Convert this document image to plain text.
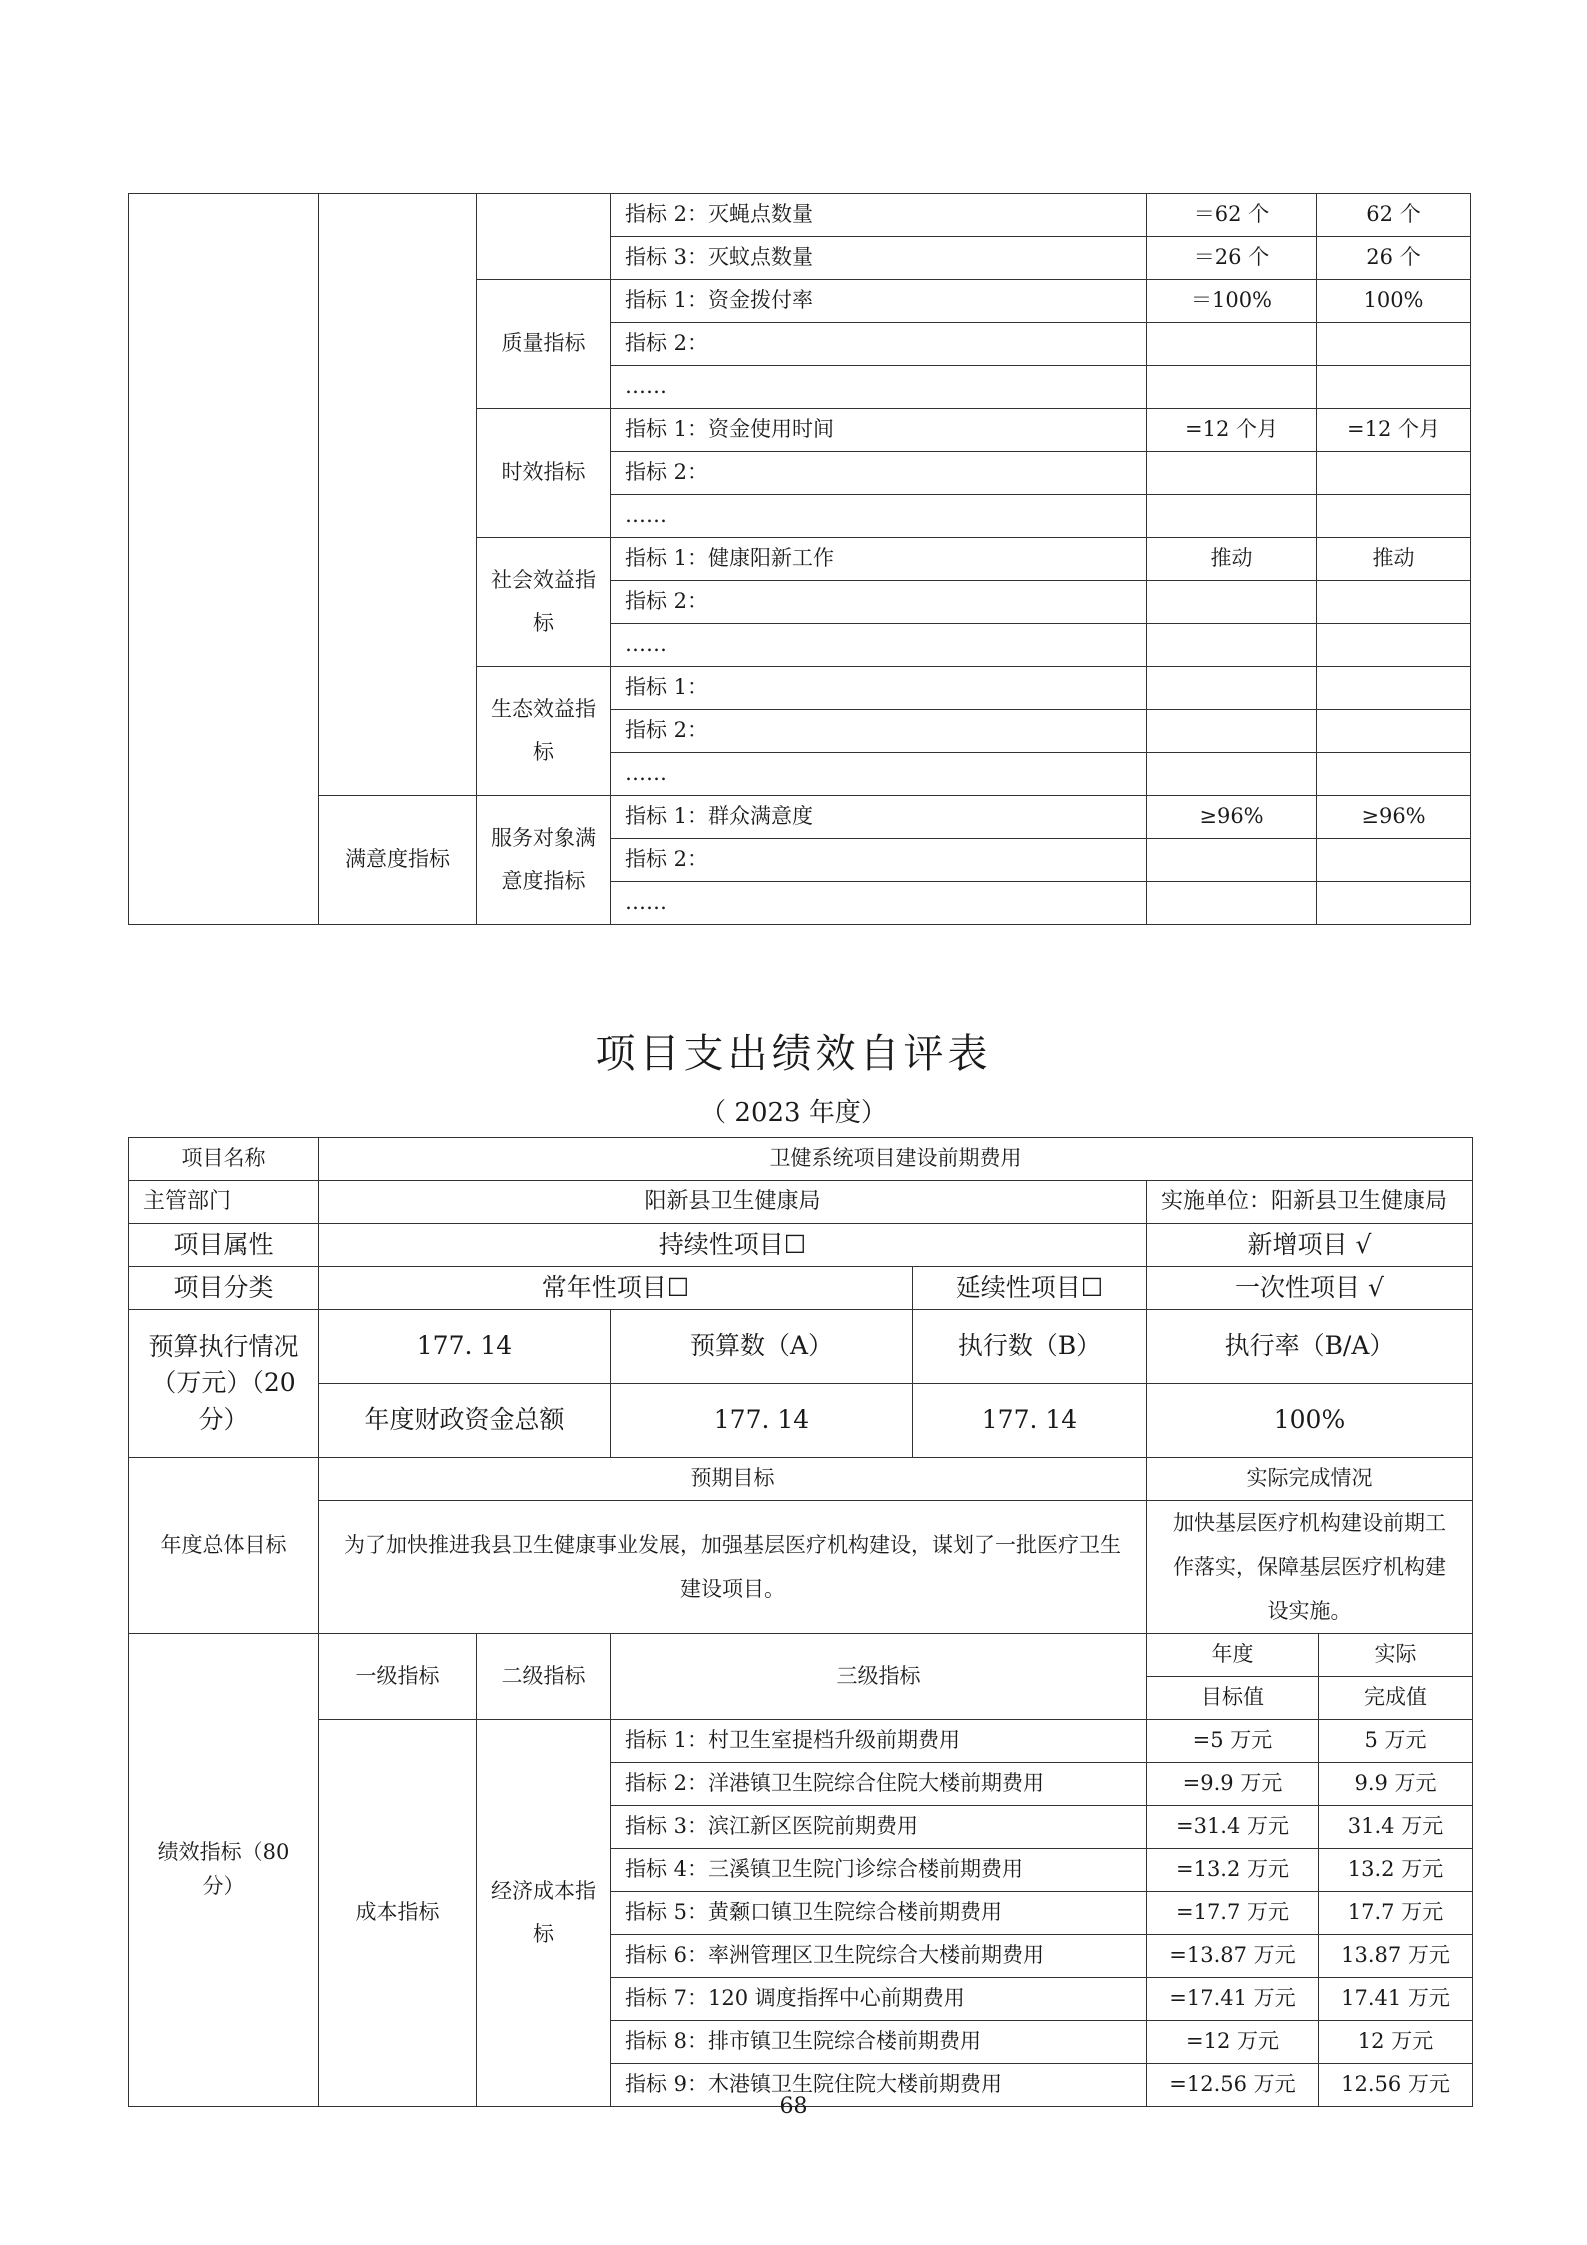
			指标 2：灭蝇点数量	＝62 个	62 个
			指标 3：灭蚊点数量	＝26 个	26 个
		质量指标	指标 1：资金拨付率	＝100%	100%
			指标 2：		
			……		
		时效指标	指标 1：资金使用时间	=12 个月	=12 个月
			指标 2：		
			……		
		社会效益指标	指标 1：健康阳新工作	推动	推动
			指标 2：		
			……		
		生态效益指标	指标 1：		
			指标 2：		
			……		
	满意度指标	服务对象满意度指标	指标 1：群众满意度	≥96%	≥96%
			指标 2：		
			……		
项目支出绩效自评表
（ 2023 年度）
项目名称	卫健系统项目建设前期费用					
主管部门	阳新县卫生健康局				实施单位：阳新县卫生健康局	
项目属性	持续性项目☐				新增项目 √	
项目分类	常年性项目☐			延续性项目☐	一次性项目 √	
预算执行情况（万元）（20 分）	177. 14		预算数（A）	执行数（B）	执行率（B/A）	
	年度财政资金总额		177. 14	177. 14	100%	
年度总体目标	预期目标				实际完成情况	
	为了加快推进我县卫生健康事业发展，加强基层医疗机构建设，谋划了一批医疗卫生建设项目。				加快基层医疗机构建设前期工作落实，保障基层医疗机构建设实施。	
绩效指标（80 分）	一级指标	二级指标	三级指标		年度	实际
					目标值	完成值
	成本指标	经济成本指标	指标 1：村卫生室提档升级前期费用		=5 万元	5 万元
			指标 2：洋港镇卫生院综合住院大楼前期费用		=9.9 万元	9.9 万元
			指标 3：滨江新区医院前期费用		=31.4 万元	31.4 万元
			指标 4：三溪镇卫生院门诊综合楼前期费用		=13.2 万元	13.2 万元
			指标 5：黄颡口镇卫生院综合楼前期费用		=17.7 万元	17.7 万元
			指标 6：率洲管理区卫生院综合大楼前期费用		=13.87 万元	13.87 万元
			指标 7：120 调度指挥中心前期费用		=17.41 万元	17.41 万元
			指标 8：排市镇卫生院综合楼前期费用		=12 万元	12 万元
			指标 9：木港镇卫生院住院大楼前期费用		=12.56 万元	12.56 万元
68
